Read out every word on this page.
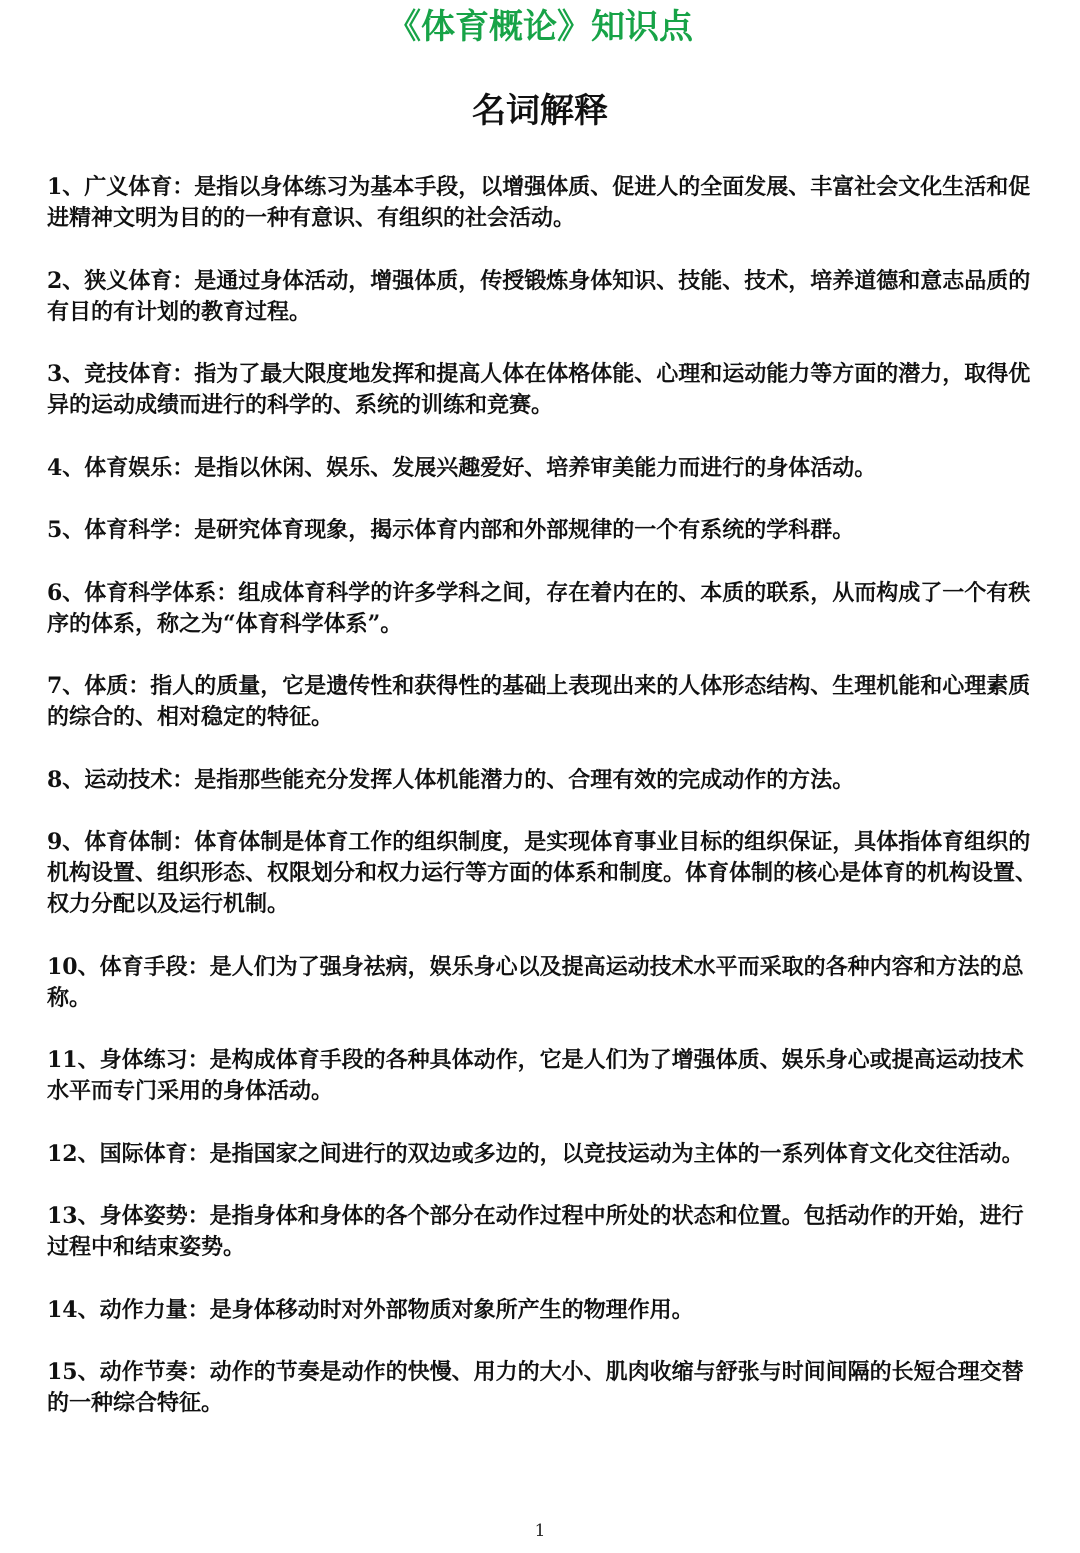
《体育概论》知识点
名词解释
1、广义体育：是指以身体练习为基本手段，以增强体质、促进人的全面发展、丰富社会文化生活和促进精神文明为目的的一种有意识、有组织的社会活动。
2、狭义体育：是通过身体活动，增强体质，传授锻炼身体知识、技能、技术，培养道德和意志品质的有目的有计划的教育过程。
3、竞技体育：指为了最大限度地发挥和提高人体在体格体能、心理和运动能力等方面的潜力，取得优异的运动成绩而进行的科学的、系统的训练和竞赛。
4、体育娱乐：是指以休闲、娱乐、发展兴趣爱好、培养审美能力而进行的身体活动。
5、体育科学：是研究体育现象，揭示体育内部和外部规律的一个有系统的学科群。
6、体育科学体系：组成体育科学的许多学科之间，存在着内在的、本质的联系，从而构成了一个有秩序的体系，称之为“体育科学体系”。
7、体质：指人的质量，它是遗传性和获得性的基础上表现出来的人体形态结构、生理机能和心理素质的综合的、相对稳定的特征。
8、运动技术：是指那些能充分发挥人体机能潜力的、合理有效的完成动作的方法。
9、体育体制：体育体制是体育工作的组织制度，是实现体育事业目标的组织保证，具体指体育组织的机构设置、组织形态、权限划分和权力运行等方面的体系和制度。体育体制的核心是体育的机构设置、权力分配以及运行机制。
10、体育手段：是人们为了强身祛病，娱乐身心以及提高运动技术水平而采取的各种内容和方法的总称。
11、身体练习：是构成体育手段的各种具体动作，它是人们为了增强体质、娱乐身心或提高运动技术水平而专门采用的身体活动。
12、国际体育：是指国家之间进行的双边或多边的，以竞技运动为主体的一系列体育文化交往活动。
13、身体姿势：是指身体和身体的各个部分在动作过程中所处的状态和位置。包括动作的开始，进行过程中和结束姿势。
14、动作力量：是身体移动时对外部物质对象所产生的物理作用。
15、动作节奏：动作的节奏是动作的快慢、用力的大小、肌肉收缩与舒张与时间间隔的长短合理交替的一种综合特征。
1
